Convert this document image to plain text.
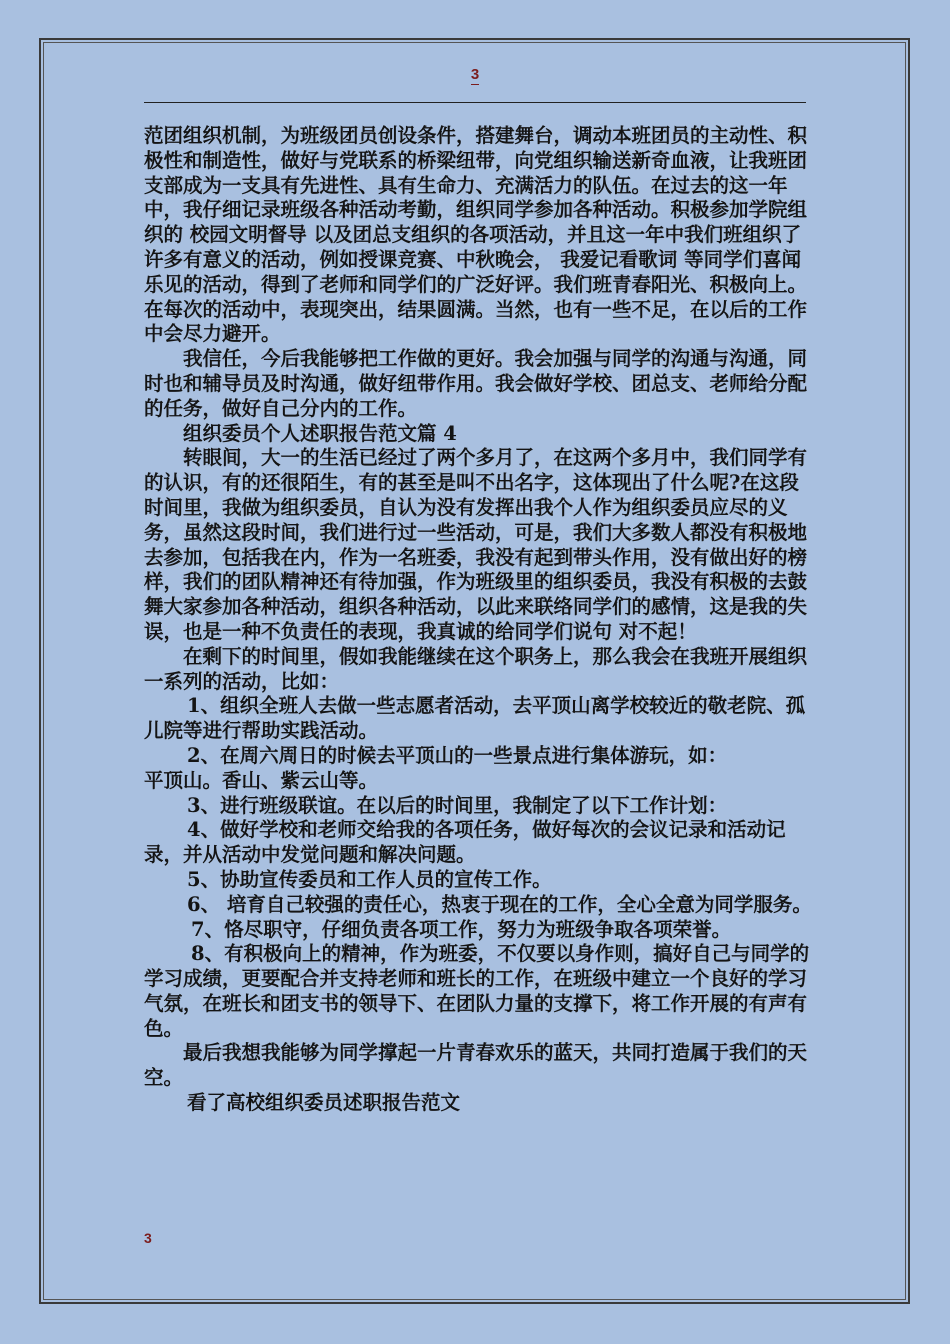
3

范团组织机制，为班级团员创设条件，搭建舞台，调动本班团员的主动性、积极性和制造性，做好与党联系的桥梁纽带，向党组织输送新奇血液，让我班团支部成为一支具有先进性、具有生命力、充满活力的队伍。在过去的这一年中，我仔细记录班级各种活动考勤，组织同学参加各种活动。积极参加学院组织的 校园文明督导 以及团总支组织的各项活动，并且这一年中我们班组织了许多有意义的活动，例如授课竞赛、中秋晚会， 我爱记看歌词 等同学们喜闻乐见的活动，得到了老师和同学们的广泛好评。我们班青春阳光、积极向上。在每次的活动中，表现突出，结果圆满。当然，也有一些不足，在以后的工作中会尽力避开。

我信任，今后我能够把工作做的更好。我会加强与同学的沟通与沟通，同时也和辅导员及时沟通，做好纽带作用。我会做好学校、团总支、老师给分配的任务，做好自己分内的工作。

组织委员个人述职报告范文篇 4

转眼间，大一的生活已经过了两个多月了，在这两个多月中，我们同学有的认识，有的还很陌生，有的甚至是叫不出名字，这体现出了什么呢?在这段时间里，我做为组织委员，自认为没有发挥出我个人作为组织委员应尽的义务，虽然这段时间，我们进行过一些活动，可是，我们大多数人都没有积极地去参加，包括我在内，作为一名班委，我没有起到带头作用，没有做出好的榜样，我们的团队精神还有待加强，作为班级里的组织委员，我没有积极的去鼓舞大家参加各种活动，组织各种活动，以此来联络同学们的感情，这是我的失误，也是一种不负责任的表现，我真诚的给同学们说句 对不起！

在剩下的时间里，假如我能继续在这个职务上，那么我会在我班开展组织一系列的活动，比如：

1、组织全班人去做一些志愿者活动，去平顶山离学校较近的敬老院、孤儿院等进行帮助实践活动。

2、在周六周日的时候去平顶山的一些景点进行集体游玩，如：

平顶山。香山、紫云山等。

3、进行班级联谊。在以后的时间里，我制定了以下工作计划：

4、做好学校和老师交给我的各项任务，做好每次的会议记录和活动记录，并从活动中发觉问题和解决问题。

5、协助宣传委员和工作人员的宣传工作。

6、 培育自己较强的责任心，热衷于现在的工作，全心全意为同学服务。

7、恪尽职守，仔细负责各项工作，努力为班级争取各项荣誉。

8、有积极向上的精神，作为班委，不仅要以身作则，搞好自己与同学的学习成绩，更要配合并支持老师和班长的工作，在班级中建立一个良好的学习气氛，在班长和团支书的领导下、在团队力量的支撑下，将工作开展的有声有色。

最后我想我能够为同学撑起一片青春欢乐的蓝天，共同打造属于我们的天空。

看了高校组织委员述职报告范文

3
